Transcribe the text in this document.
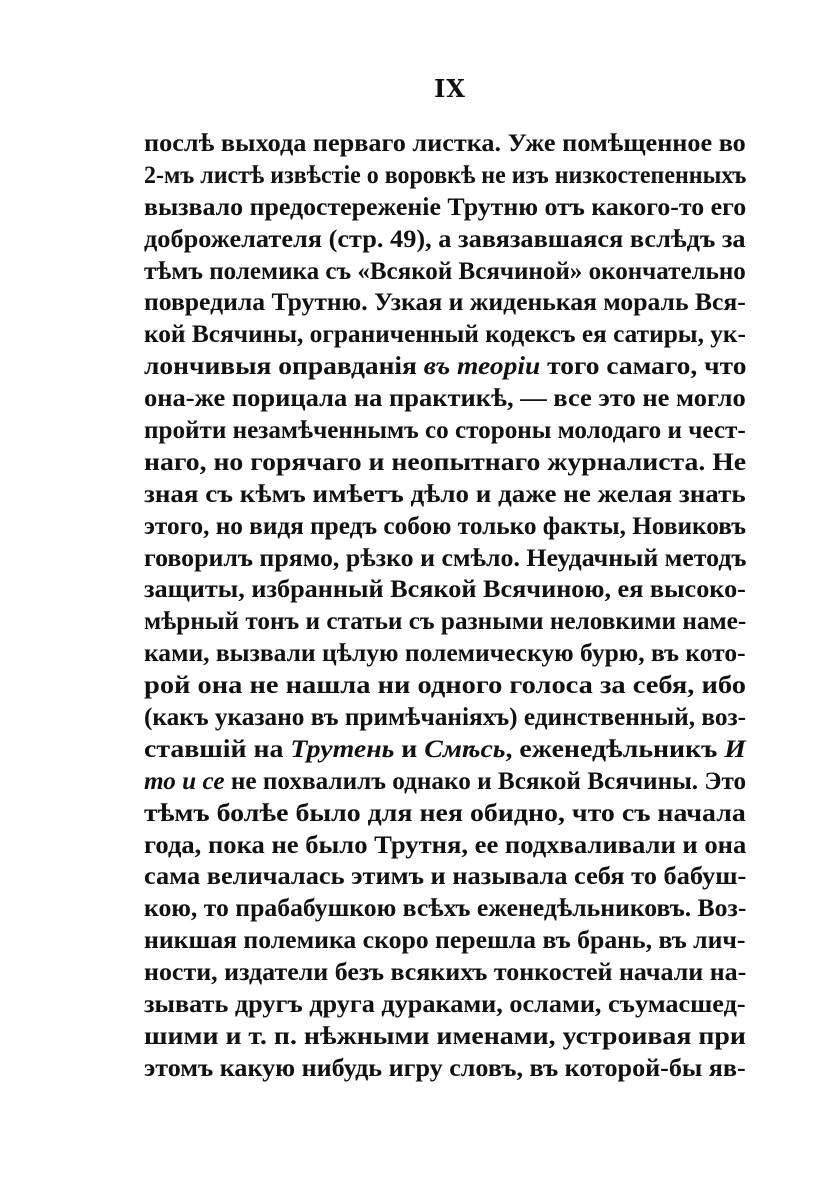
IX
послѣ выхода перваго листка. Уже помѣщенное во
2-мъ листѣ извѣстіе о воровкѣ не изъ низкостепенныхъ
вызвало предостереженіе Трутню отъ какого-то его
доброжелателя (стр. 49), а завязавшаяся вслѣдъ за
тѣмъ полемика съ «Всякой Всячиной» окончательно
повредила Трутню. Узкая и жиденькая мораль Вся-
кой Всячины, ограниченный кодексъ ея сатиры, ук-
лончивыя оправданія въ теоріи того самаго, что
она-же порицала на практикѣ, — все это не могло
пройти незамѣченнымъ со стороны молодаго и чест-
наго, но горячаго и неопытнаго журналиста. Не
зная съ кѣмъ имѣетъ дѣло и даже не желая знать
этого, но видя предъ собою только факты, Новиковъ
говорилъ прямо, рѣзко и смѣло. Неудачный методъ
защиты, избранный Всякой Всячиною, ея высоко-
мѣрный тонъ и статьи съ разными неловкими наме-
ками, вызвали цѣлую полемическую бурю, въ кото-
рой она не нашла ни одного голоса за себя, ибо
(какъ указано въ примѣчаніяхъ) единственный, воз-
ставшій на Трутень и Смѣсь, еженедѣльникъ И
то и се не похвалилъ однако и Всякой Всячины. Это
тѣмъ болѣе было для нея обидно, что съ начала
года, пока не было Трутня, ее подхваливали и она
сама величалась этимъ и называла себя то бабуш-
кою, то прабабушкою всѣхъ еженедѣльниковъ. Воз-
никшая полемика скоро перешла въ брань, въ лич-
ности, издатели безъ всякихъ тонкостей начали на-
зывать другъ друга дураками, ослами, съумасшед-
шими и т. п. нѣжными именами, устроивая при
этомъ какую нибудь игру словъ, въ которой-бы яв-
